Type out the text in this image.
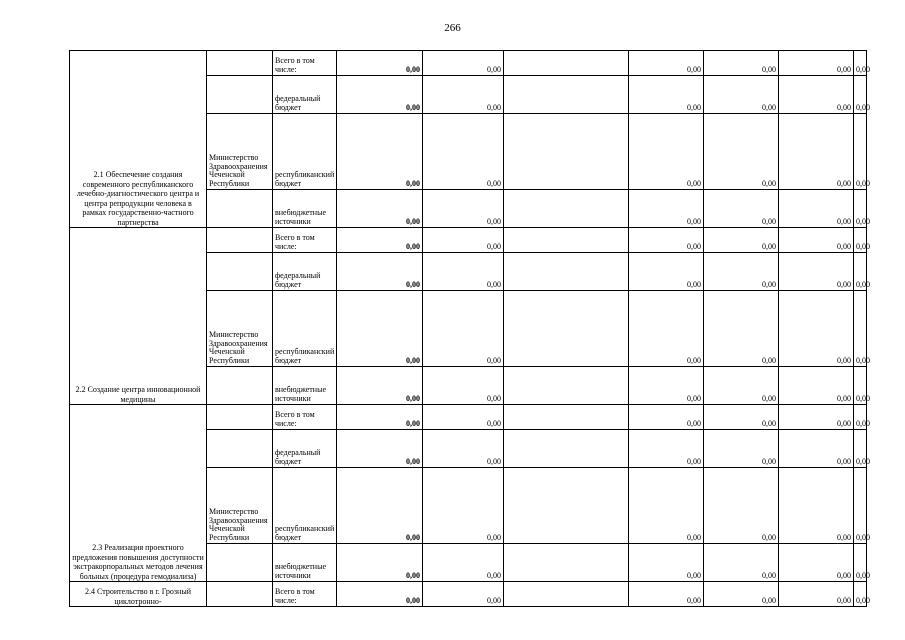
266
2.1 Обеспечение создания современного республиканского лечебно-диагностического центра и центра репродукции человека в рамках государственно-частного партнерства		Всего в том числе:	0,00	0,00		0,00	0,00	0,00	0,00
		федеральный бюджет	0,00	0,00		0,00	0,00	0,00	0,00
	Министерство Здравоохранения Чеченской Республики	республиканский бюджет	0,00	0,00		0,00	0,00	0,00	0,00
		внебюджетные источники	0,00	0,00		0,00	0,00	0,00	0,00
2.2 Создание центра инновационной медицины		Всего в том числе:	0,00	0,00		0,00	0,00	0,00	0,00
		федеральный бюджет	0,00	0,00		0,00	0,00	0,00	0,00
	Министерство Здравоохранения Чеченской Республики	республиканский бюджет	0,00	0,00		0,00	0,00	0,00	0,00
		внебюджетные источники	0,00	0,00		0,00	0,00	0,00	0,00
2.3 Реализация проектного предложения повышения доступности экстракорпоральных методов лечения больных (процедура гемодиализа)		Всего в том числе:	0,00	0,00		0,00	0,00	0,00	0,00
		федеральный бюджет	0,00	0,00		0,00	0,00	0,00	0,00
	Министерство Здравоохранения Чеченской Республики	республиканский бюджет	0,00	0,00		0,00	0,00	0,00	0,00
		внебюджетные источники	0,00	0,00		0,00	0,00	0,00	0,00
2.4 Строительство в г. Грозный циклотронно-		Всего в том числе:	0,00	0,00		0,00	0,00	0,00	0,00
